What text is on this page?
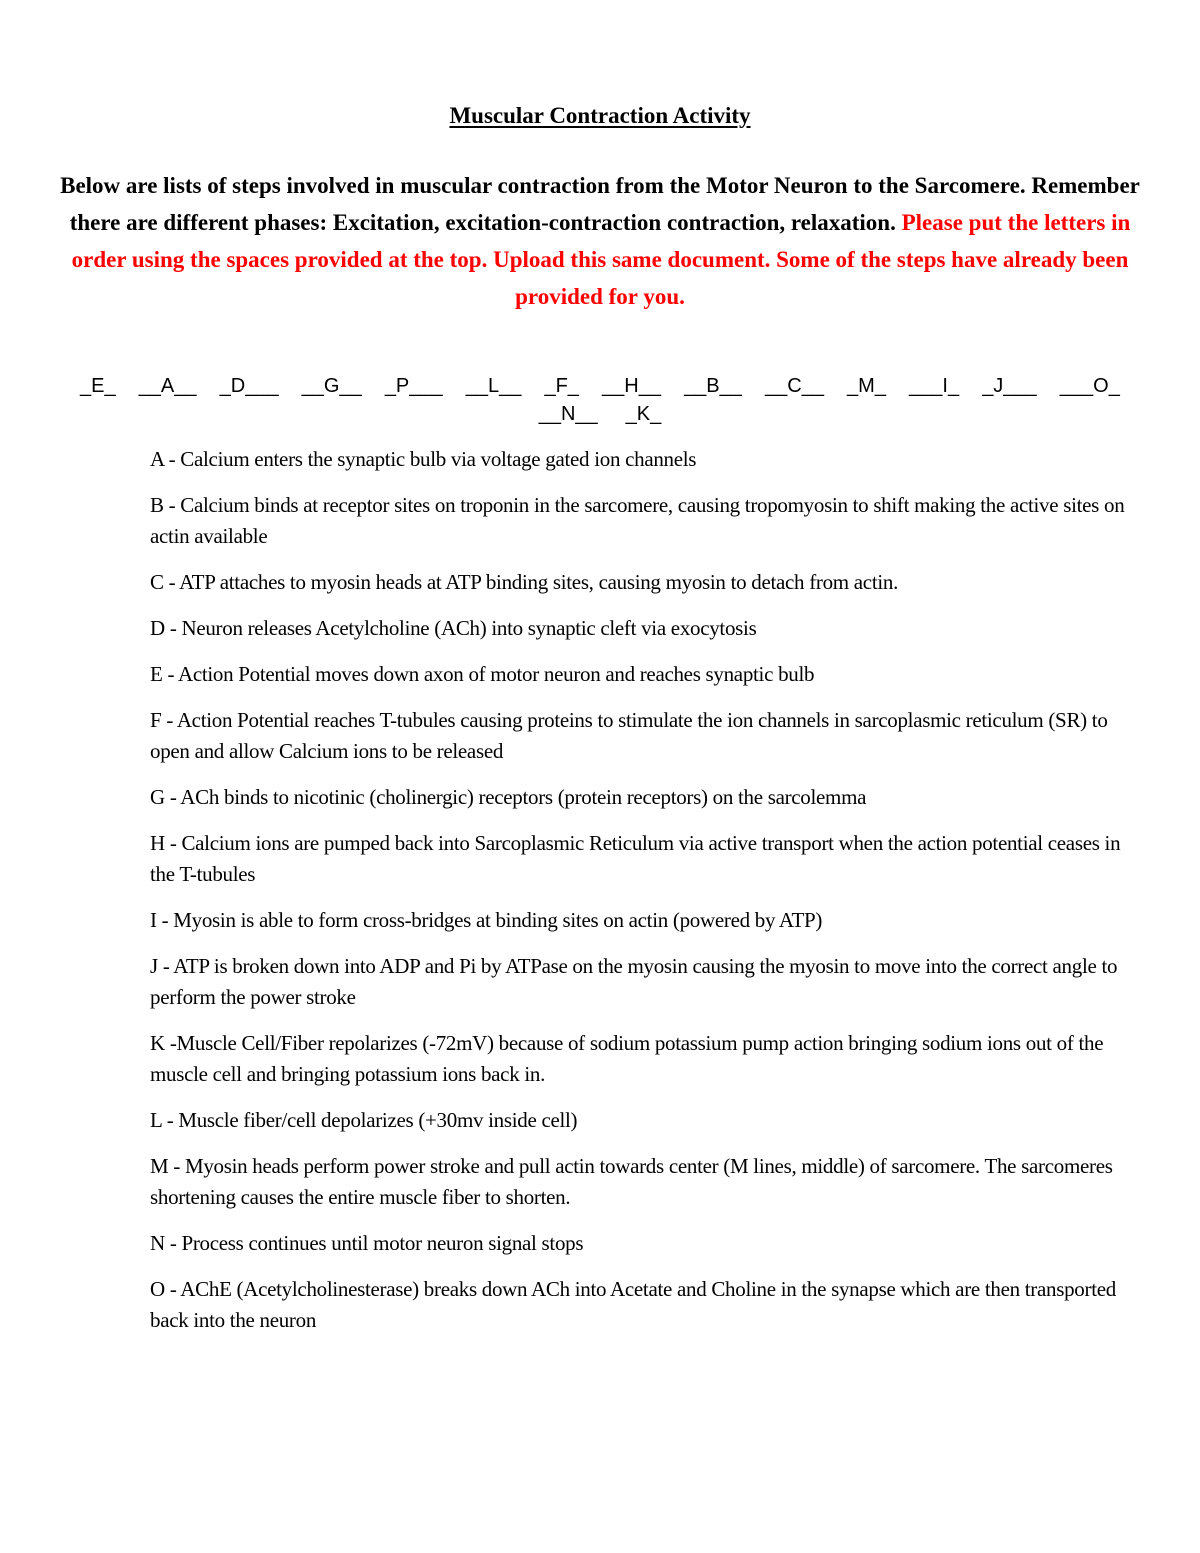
Muscular Contraction Activity
Below are lists of steps involved in muscular contraction from the Motor Neuron to the Sarcomere. Remember there are different phases: Excitation, excitation-contraction contraction, relaxation. Please put the letters in order using the spaces provided at the top. Upload this same document. Some of the steps have already been provided for you.
_E_ __A__ _D___ __G__ _P___ __L__ _F_ __H__ __B__ __C__ _M_ ___I_ _J___ ___O_
__N__ _K_
A - Calcium enters the synaptic bulb via voltage gated ion channels
B - Calcium binds at receptor sites on troponin in the sarcomere, causing tropomyosin to shift making the active sites on actin available
C - ATP attaches to myosin heads at ATP binding sites, causing myosin to detach from actin.
D - Neuron releases Acetylcholine (ACh) into synaptic cleft via exocytosis
E - Action Potential moves down axon of motor neuron and reaches synaptic bulb
F - Action Potential reaches T-tubules causing proteins to stimulate the ion channels in sarcoplasmic reticulum (SR) to open and allow Calcium ions to be released
G - ACh binds to nicotinic (cholinergic) receptors (protein receptors) on the sarcolemma
H - Calcium ions are pumped back into Sarcoplasmic Reticulum via active transport when the action potential ceases in the T-tubules
I - Myosin is able to form cross-bridges at binding sites on actin (powered by ATP)
J - ATP is broken down into ADP and Pi by ATPase on the myosin causing the myosin to move into the correct angle to perform the power stroke
K -Muscle Cell/Fiber repolarizes (-72mV) because of sodium potassium pump action bringing sodium ions out of the muscle cell and bringing potassium ions back in.
L - Muscle fiber/cell depolarizes (+30mv inside cell)
M - Myosin heads perform power stroke and pull actin towards center (M lines, middle) of sarcomere. The sarcomeres shortening causes the entire muscle fiber to shorten.
N - Process continues until motor neuron signal stops
O - AChE (Acetylcholinesterase) breaks down ACh into Acetate and Choline in the synapse which are then transported back into the neuron
